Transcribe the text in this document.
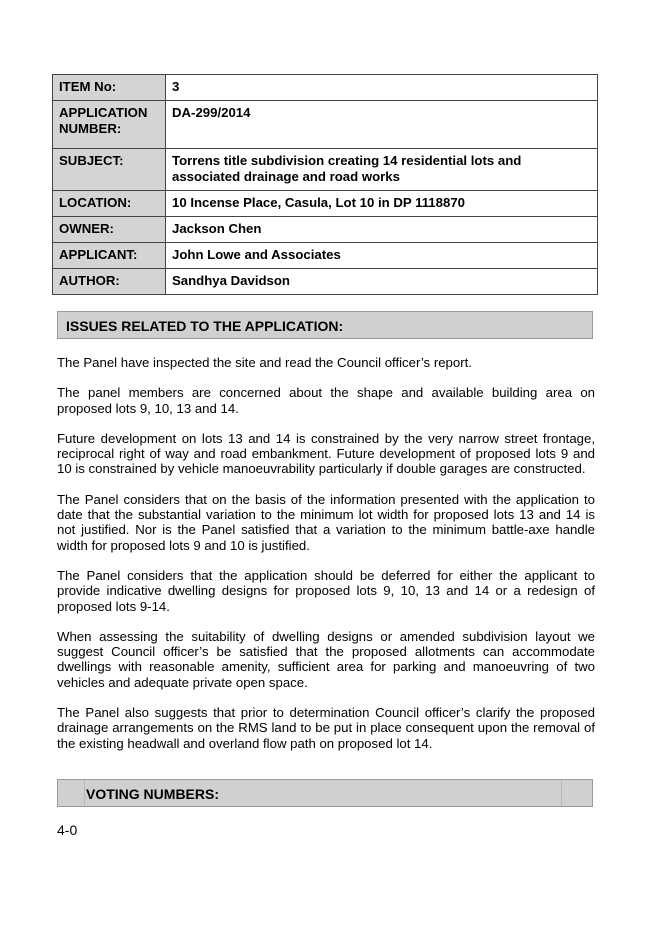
ITEM No:	3
APPLICATION NUMBER:	DA-299/2014
SUBJECT:	Torrens title subdivision creating 14 residential lots and associated drainage and road works
LOCATION:	10 Incense Place, Casula, Lot 10 in DP 1118870
OWNER:	Jackson Chen
APPLICANT:	John Lowe and Associates
AUTHOR:	Sandhya Davidson
ISSUES RELATED TO THE APPLICATION:

The Panel have inspected the site and read the Council officer’s report.

The panel members are concerned about the shape and available building area on proposed lots 9, 10, 13 and 14.

Future development on lots 13 and 14 is constrained by the very narrow street frontage, reciprocal right of way and road embankment. Future development of proposed lots 9 and 10 is constrained by vehicle manoeuvrability particularly if double garages are constructed.

The Panel considers that on the basis of the information presented with the application to date that the substantial variation to the minimum lot width for proposed lots 13 and 14 is not justified. Nor is the Panel satisfied that a variation to the minimum battle-axe handle width for proposed lots 9 and 10 is justified.

The Panel considers that the application should be deferred for either the applicant to provide indicative dwelling designs for proposed lots 9, 10, 13 and 14 or a redesign of proposed lots 9-14.

When assessing the suitability of dwelling designs or amended subdivision layout we suggest Council officer’s be satisfied that the proposed allotments can accommodate dwellings with reasonable amenity, sufficient area for parking and manoeuvring of two vehicles and adequate private open space.

The Panel also suggests that prior to determination Council officer’s clarify the proposed drainage arrangements on the RMS land to be put in place consequent upon the removal of the existing headwall and overland flow path on proposed lot 14.

VOTING NUMBERS:
4-0
